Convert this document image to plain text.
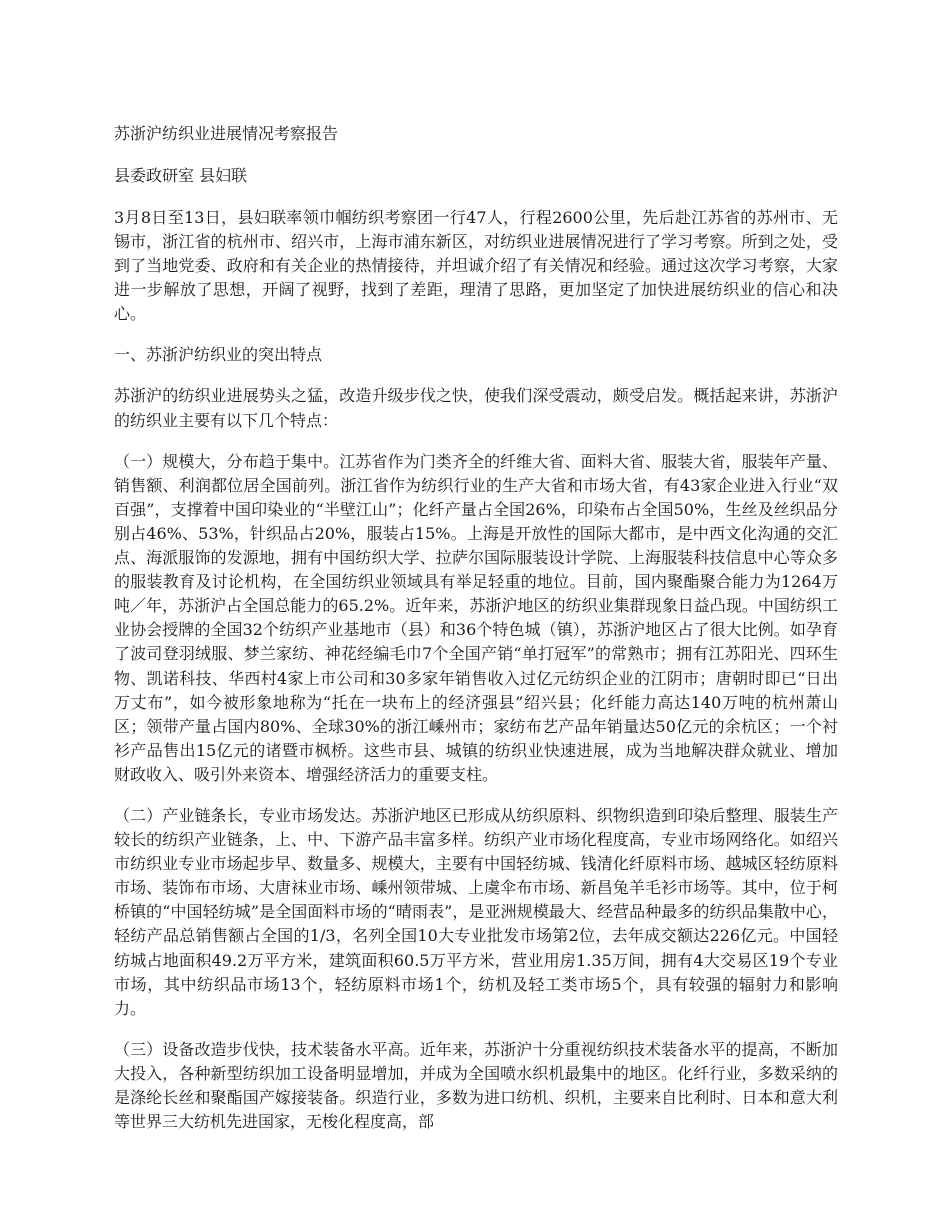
苏浙沪纺织业进展情况考察报告
县委政研室 县妇联

3月8日至13日，县妇联率领巾帼纺织考察团一行47人，行程2600公里，先后赴江苏省的苏州市、无锡市，浙江省的杭州市、绍兴市，上海市浦东新区，对纺织业进展情况进行了学习考察。所到之处，受到了当地党委、政府和有关企业的热情接待，并坦诚介绍了有关情况和经验。通过这次学习考察，大家进一步解放了思想，开阔了视野，找到了差距，理清了思路，更加坚定了加快进展纺织业的信心和决心。

一、苏浙沪纺织业的突出特点

苏浙沪的纺织业进展势头之猛，改造升级步伐之快，使我们深受震动，颇受启发。概括起来讲，苏浙沪的纺织业主要有以下几个特点：

（一）规模大，分布趋于集中。江苏省作为门类齐全的纤维大省、面料大省、服装大省，服装年产量、销售额、利润都位居全国前列。浙江省作为纺织行业的生产大省和市场大省，有43家企业进入行业“双百强”，支撑着中国印染业的“半壁江山”；化纤产量占全国26%，印染布占全国50%，生丝及丝织品分别占46%、53%，针织品占20%，服装占15%。上海是开放性的国际大都市，是中西文化沟通的交汇点、海派服饰的发源地，拥有中国纺织大学、拉萨尔国际服装设计学院、上海服装科技信息中心等众多的服装教育及讨论机构，在全国纺织业领域具有举足轻重的地位。目前，国内聚酯聚合能力为1264万吨／年，苏浙沪占全国总能力的65.2%。近年来，苏浙沪地区的纺织业集群现象日益凸现。中国纺织工业协会授牌的全国32个纺织产业基地市（县）和36个特色城（镇），苏浙沪地区占了很大比例。如孕育了波司登羽绒服、梦兰家纺、神花经编毛巾7个全国产销“单打冠军”的常熟市；拥有江苏阳光、四环生物、凯诺科技、华西村4家上市公司和30多家年销售收入过亿元纺织企业的江阴市；唐朝时即已“日出万丈布”，如今被形象地称为“托在一块布上的经济强县”绍兴县；化纤能力高达140万吨的杭州萧山区；领带产量占国内80%、全球30%的浙江嵊州市；家纺布艺产品年销量达50亿元的余杭区；一个衬衫产品售出15亿元的诸暨市枫桥。这些市县、城镇的纺织业快速进展，成为当地解决群众就业、增加财政收入、吸引外来资本、增强经济活力的重要支柱。

（二）产业链条长，专业市场发达。苏浙沪地区已形成从纺织原料、织物织造到印染后整理、服装生产较长的纺织产业链条，上、中、下游产品丰富多样。纺织产业市场化程度高，专业市场网络化。如绍兴市纺织业专业市场起步早、数量多、规模大，主要有中国轻纺城、钱清化纤原料市场、越城区轻纺原料市场、装饰布市场、大唐袜业市场、嵊州领带城、上虞伞布市场、新昌兔羊毛衫市场等。其中，位于柯桥镇的“中国轻纺城”是全国面料市场的“晴雨表”，是亚洲规模最大、经营品种最多的纺织品集散中心，轻纺产品总销售额占全国的1/3，名列全国10大专业批发市场第2位，去年成交额达226亿元。中国轻纺城占地面积49.2万平方米，建筑面积60.5万平方米，营业用房1.35万间，拥有4大交易区19个专业市场，其中纺织品市场13个，轻纺原料市场1个，纺机及轻工类市场5个，具有较强的辐射力和影响力。

（三）设备改造步伐快，技术装备水平高。近年来，苏浙沪十分重视纺织技术装备水平的提高，不断加大投入，各种新型纺织加工设备明显增加，并成为全国喷水织机最集中的地区。化纤行业，多数采纳的是涤纶长丝和聚酯国产嫁接装备。织造行业，多数为进口纺机、织机，主要来自比利时、日本和意大利等世界三大纺机先进国家，无梭化程度高，部
